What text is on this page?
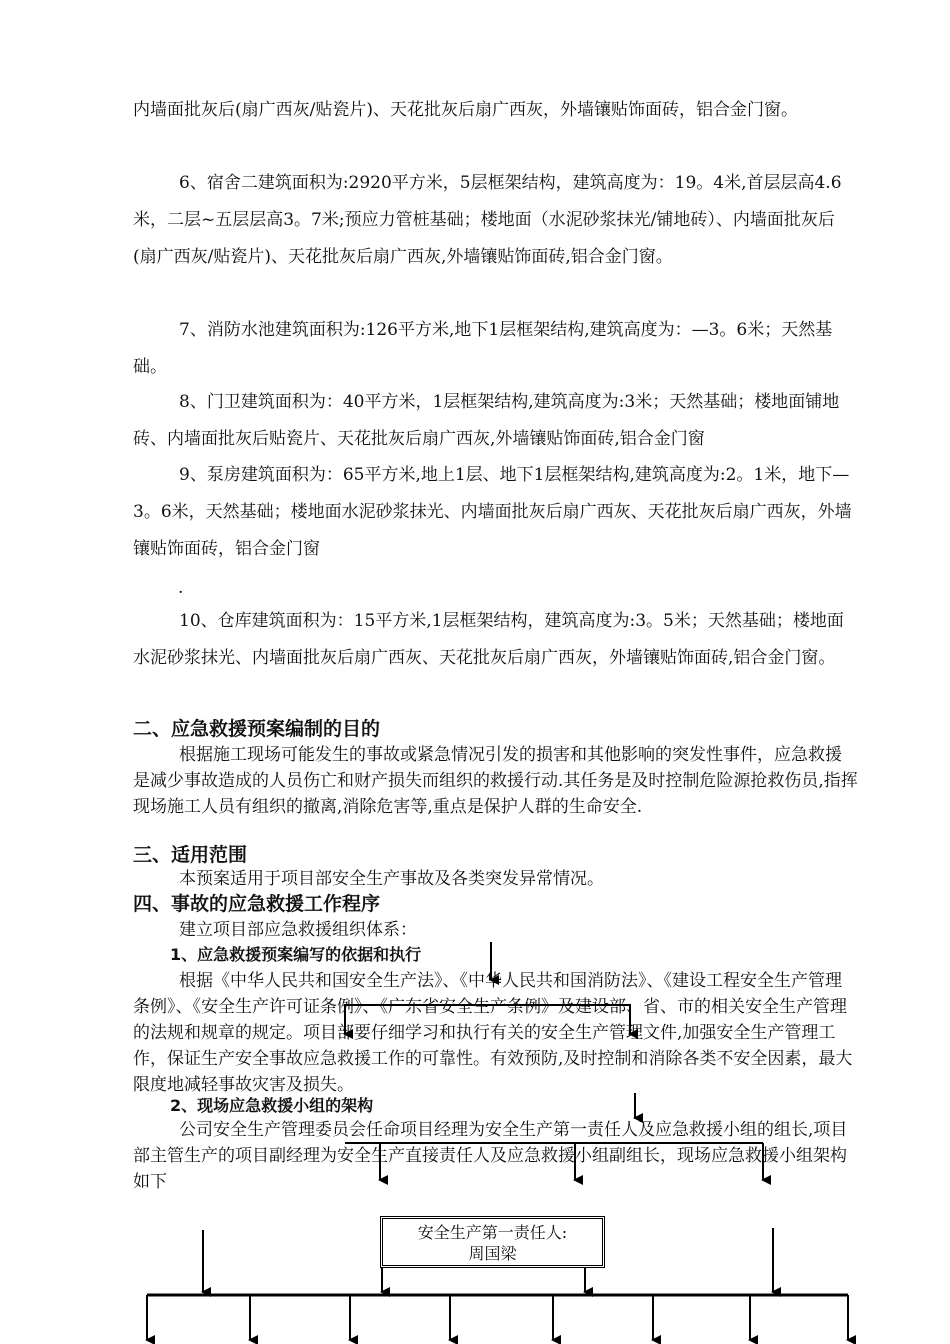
内墙面批灰后(扇广西灰/贴瓷片)、天花批灰后扇广西灰，外墙镶贴饰面砖，铝合金门窗。

6、宿舍二建筑面积为:2920平方米，5层框架结构，建筑高度为：19。4米,首层层高4.6米，二层~五层层高3。7米;预应力管桩基础；楼地面（水泥砂浆抹光/铺地砖）、内墙面批灰后(扇广西灰/贴瓷片)、天花批灰后扇广西灰,外墙镶贴饰面砖,铝合金门窗。

7、消防水池建筑面积为:126平方米,地下1层框架结构,建筑高度为：—3。6米；天然基础。

8、门卫建筑面积为：40平方米，1层框架结构,建筑高度为:3米；天然基础；楼地面铺地砖、内墙面批灰后贴瓷片、天花批灰后扇广西灰,外墙镶贴饰面砖,铝合金门窗

9、泵房建筑面积为：65平方米,地上1层、地下1层框架结构,建筑高度为:2。1米，地下—3。6米，天然基础；楼地面水泥砂浆抹光、内墙面批灰后扇广西灰、天花批灰后扇广西灰，外墙镶贴饰面砖，铝合金门窗

.

10、仓库建筑面积为：15平方米,1层框架结构，建筑高度为:3。5米；天然基础；楼地面水泥砂浆抹光、内墙面批灰后扇广西灰、天花批灰后扇广西灰，外墙镶贴饰面砖,铝合金门窗。

二、应急救援预案编制的目的

根据施工现场可能发生的事故或紧急情况引发的损害和其他影响的突发性事件，应急救援是减少事故造成的人员伤亡和财产损失而组织的救援行动.其任务是及时控制危险源抢救伤员,指挥现场施工人员有组织的撤离,消除危害等,重点是保护人群的生命安全.

三、适用范围

本预案适用于项目部安全生产事故及各类突发异常情况。

四、事故的应急救援工作程序

建立项目部应急救援组织体系：

1、应急救援预案编写的依据和执行

根据《中华人民共和国安全生产法》、《中华人民共和国消防法》、《建设工程安全生产管理条例》、《安全生产许可证条例》、《广东省安全生产条例》及建设部、省、市的相关安全生产管理的法规和规章的规定。项目部要仔细学习和执行有关的安全生产管理文件,加强安全生产管理工作，保证生产安全事故应急救援工作的可靠性。有效预防,及时控制和消除各类不安全因素，最大限度地减轻事故灾害及损失。

2、现场应急救援小组的架构

公司安全生产管理委员会任命项目经理为安全生产第一责任人及应急救援小组的组长,项目部主管生产的项目副经理为安全生产直接责任人及应急救援小组副组长，现场应急救援小组架构如下

安全生产第一责任人:
周国梁
